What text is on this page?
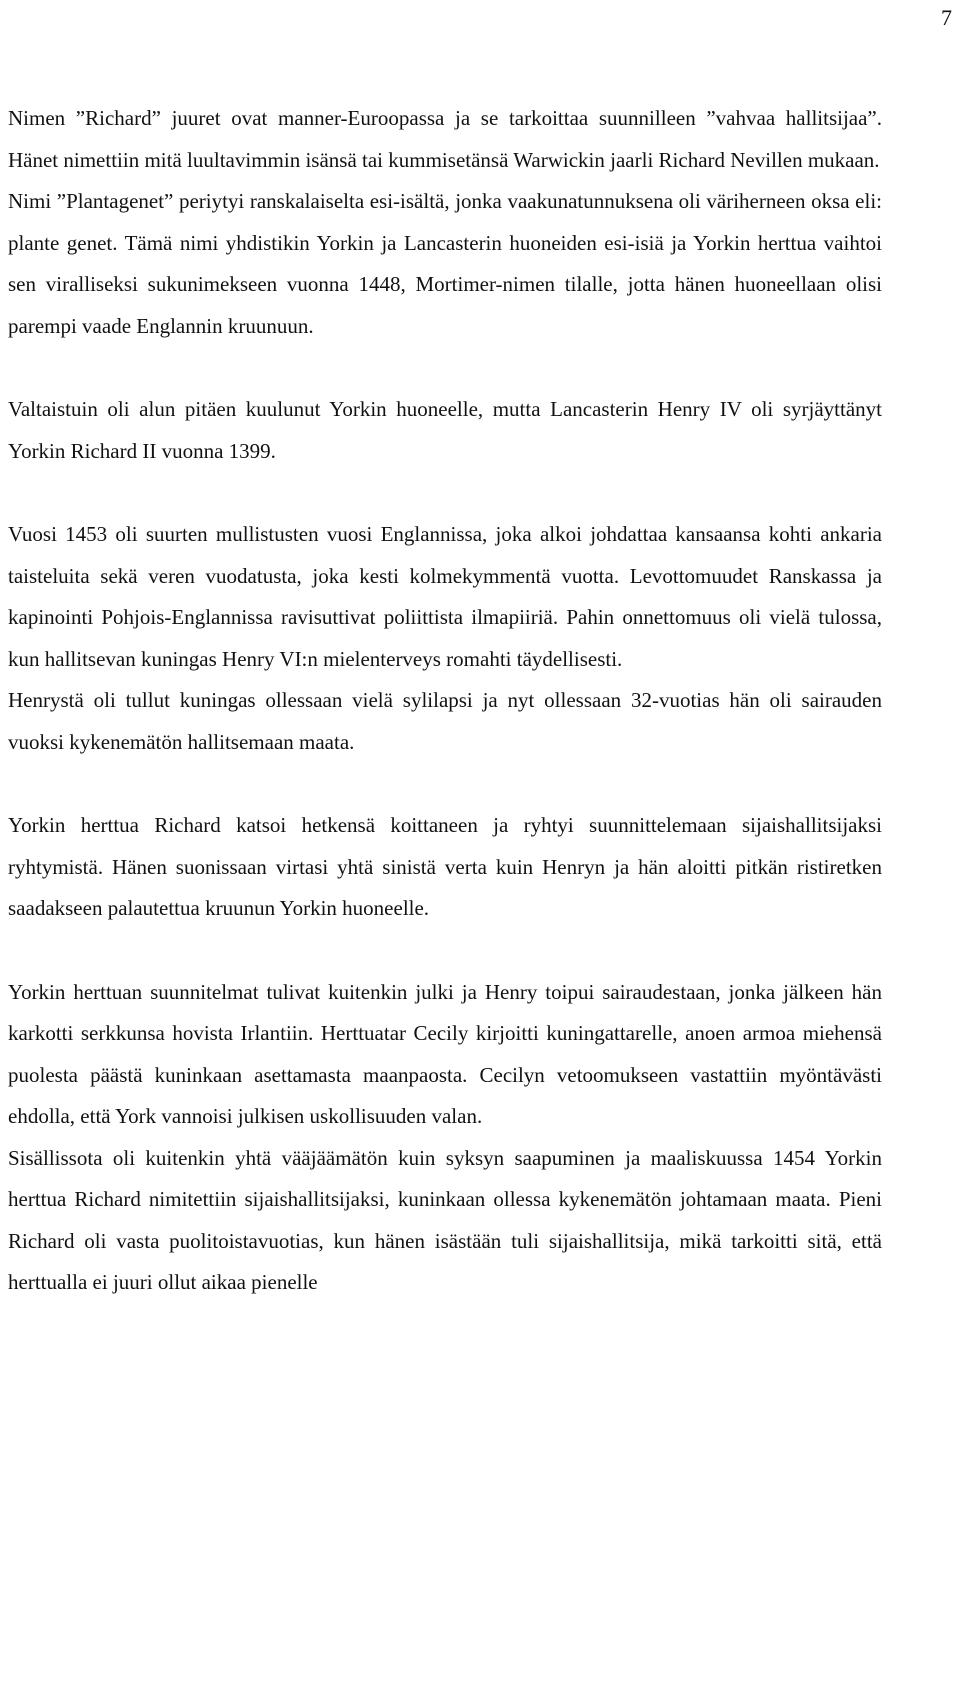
7

Nimen ”Richard” juuret ovat manner-Euroopassa ja se tarkoittaa suunnilleen ”vahvaa hallitsijaa”. Hänet nimettiin mitä luultavimmin isänsä tai kummisetänsä Warwickin jaarli Richard Nevillen mukaan.

Nimi ”Plantagenet” periytyi ranskalaiselta esi-isältä, jonka vaakunatunnuksena oli väriherneen oksa eli: plante genet. Tämä nimi yhdistikin Yorkin ja Lancasterin huoneiden esi-isiä ja Yorkin herttua vaihtoi sen viralliseksi sukunimekseen vuonna 1448, Mortimer-nimen tilalle, jotta hänen huoneellaan olisi parempi vaade Englannin kruunuun.

Valtaistuin oli alun pitäen kuulunut Yorkin huoneelle, mutta Lancasterin Henry IV oli syrjäyttänyt Yorkin Richard II vuonna 1399.

Vuosi 1453 oli suurten mullistusten vuosi Englannissa, joka alkoi johdattaa kansaansa kohti ankaria taisteluita sekä veren vuodatusta, joka kesti kolmekymmentä vuotta. Levottomuudet Ranskassa ja kapinointi Pohjois-Englannissa ravisuttivat poliittista ilmapiiriä. Pahin onnettomuus oli vielä tulossa, kun hallitsevan kuningas Henry VI:n mielenterveys romahti täydellisesti.

Henrystä oli tullut kuningas ollessaan vielä sylilapsi ja nyt ollessaan 32-vuotias hän oli sairauden vuoksi kykenemätön hallitsemaan maata.

Yorkin herttua Richard katsoi hetkensä koittaneen ja ryhtyi suunnittelemaan sijaishallitsijaksi ryhtymistä. Hänen suonissaan virtasi yhtä sinistä verta kuin Henryn ja hän aloitti pitkän ristiretken saadakseen palautettua kruunun Yorkin huoneelle.

Yorkin herttuan suunnitelmat tulivat kuitenkin julki ja Henry toipui sairaudestaan, jonka jälkeen hän karkotti serkkunsa hovista Irlantiin. Herttuatar Cecily kirjoitti kuningattarelle, anoen armoa miehensä puolesta päästä kuninkaan asettamasta maanpaosta. Cecilyn vetoomukseen vastattiin myöntävästi ehdolla, että York vannoisi julkisen uskollisuuden valan.

Sisällissota oli kuitenkin yhtä vääjäämätön kuin syksyn saapuminen ja maaliskuussa 1454 Yorkin herttua Richard nimitettiin sijaishallitsijaksi, kuninkaan ollessa kykenemätön johtamaan maata. Pieni Richard oli vasta puolitoistavuotias, kun hänen isästään tuli sijaishallitsija, mikä tarkoitti sitä, että herttualla ei juuri ollut aikaa pienelle
